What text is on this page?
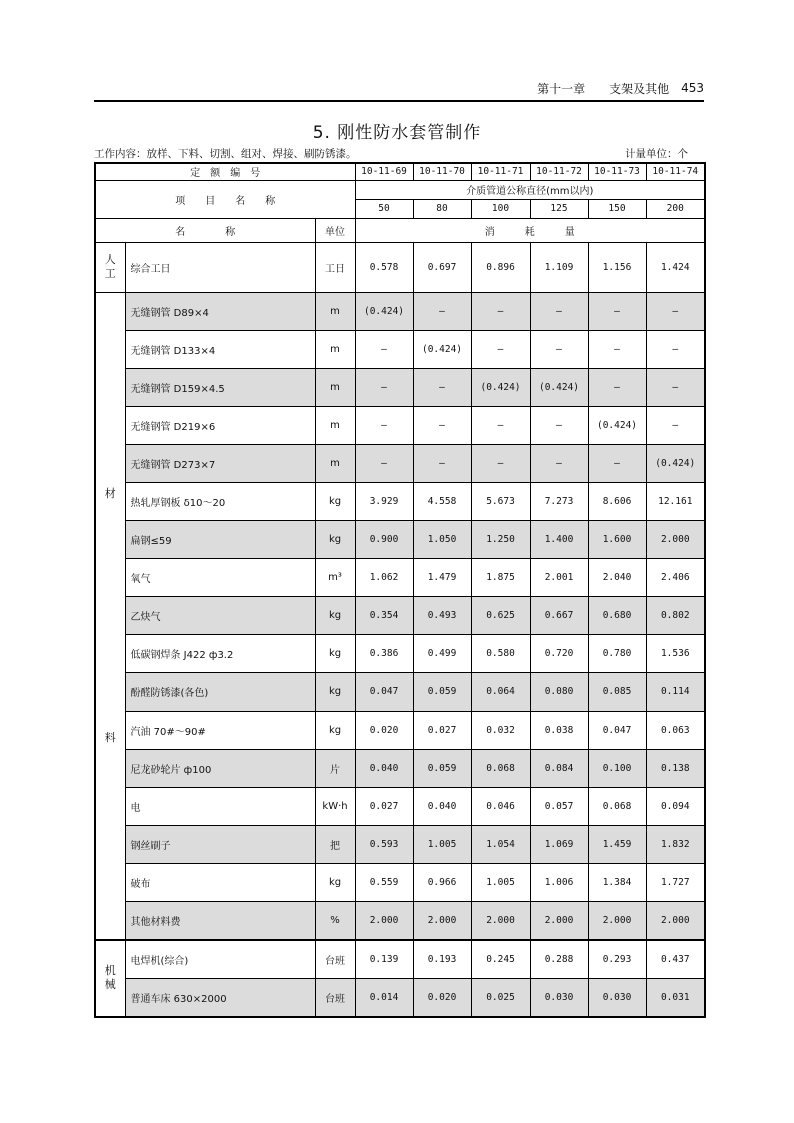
第十一章 支架及其他 453
5. 刚性防水套管制作
工作内容：放样、下料、切割、组对、焊接、刷防锈漆。	计量单位：个
定　额　编　号			10-11-69	10-11-70	10-11-71	10-11-72	10-11-73	10-11-74
项　　目　　名　　称			介质管道公称直径(mm以内)					
			50	80	100	125	150	200
名　　　　称		单位	消　　　耗　　　量					
人工	综合工日	工日	0.578	0.697	0.896	1.109	1.156	1.424

材
料	无缝钢管 D89×4	m	(0.424)	—	—	—	—	—
	无缝钢管 D133×4	m	—	(0.424)	—	—	—	—
	无缝钢管 D159×4.5	m	—	—	(0.424)	(0.424)	—	—
	无缝钢管 D219×6	m	—	—	—	—	(0.424)	—
	无缝钢管 D273×7	m	—	—	—	—	—	(0.424)
	热轧厚钢板 δ10～20	kg	3.929	4.558	5.673	7.273	8.606	12.161
	扁钢≤59	kg	0.900	1.050	1.250	1.400	1.600	2.000
	氧气	m³	1.062	1.479	1.875	2.001	2.040	2.406
	乙炔气	kg	0.354	0.493	0.625	0.667	0.680	0.802
	低碳钢焊条 J422 ф3.2	kg	0.386	0.499	0.580	0.720	0.780	1.536
	酚醛防锈漆(各色)	kg	0.047	0.059	0.064	0.080	0.085	0.114
	汽油 70#～90#	kg	0.020	0.027	0.032	0.038	0.047	0.063
	尼龙砂轮片 ф100	片	0.040	0.059	0.068	0.084	0.100	0.138
	电	kW·h	0.027	0.040	0.046	0.057	0.068	0.094
	钢丝刷子	把	0.593	1.005	1.054	1.069	1.459	1.832
	破布	kg	0.559	0.966	1.005	1.006	1.384	1.727
	其他材料费	%	2.000	2.000	2.000	2.000	2.000	2.000
机械	电焊机(综合)	台班	0.139	0.193	0.245	0.288	0.293	0.437
	普通车床 630×2000	台班	0.014	0.020	0.025	0.030	0.030	0.031
